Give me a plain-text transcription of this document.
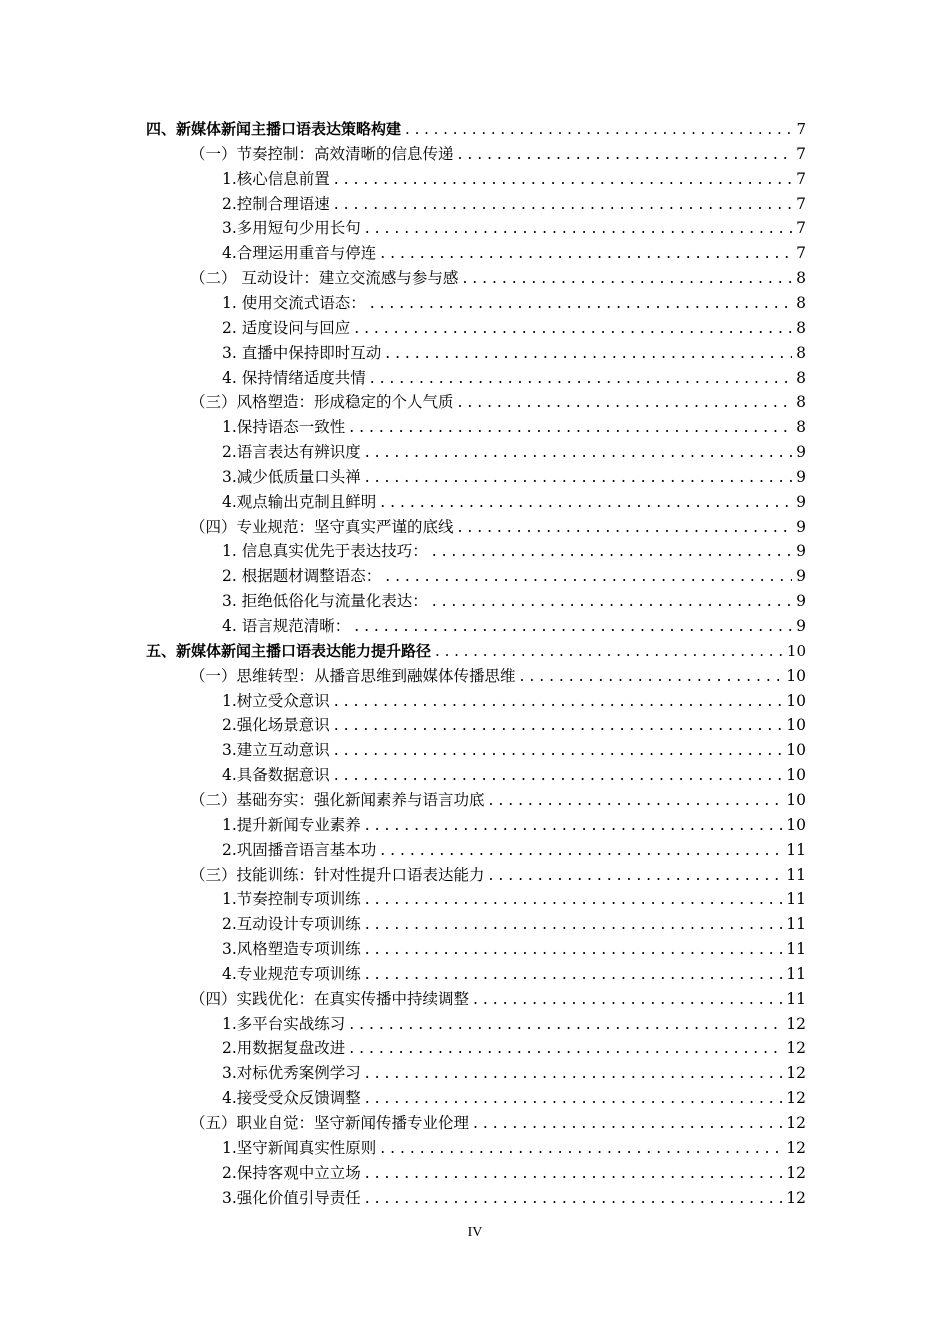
四、 新媒体新闻主播口语表达策略构建 . . .	7
（一）节奏控制：高效清晰的信息传递 . . .	7
1.核心信息前置 . . .	7
2.控制合理语速 . . .	7
3.多用短句少用长句 . . .	7
4.合理运用重音与停连 . . .	7
（二） 互动设计：建立交流感与参与感 . . .	8
1. 使用交流式语态： . . .	8
2. 适度设问与回应 . . .	8
3. 直播中保持即时互动 . . .	8
4. 保持情绪适度共情 . . .	8
（三）风格塑造：形成稳定的个人气质 . . .	8
1.保持语态一致性 . . .	8
2.语言表达有辨识度 . . .	9
3.减少低质量口头禅 . . .	9
4.观点输出克制且鲜明 . . .	9
（四）专业规范：坚守真实严谨的底线 . . .	9
1. 信息真实优先于表达技巧： . . .	9
2. 根据题材调整语态： . . .	9
3. 拒绝低俗化与流量化表达： . . .	9
4. 语言规范清晰： . . .	9
五、 新媒体新闻主播口语表达能力提升路径 . . .	10
（一）思维转型：从播音思维到融媒体传播思维 . . .	10
1.树立受众意识 . . .	10
2.强化场景意识 . . .	10
3.建立互动意识 . . .	10
4.具备数据意识 . . .	10
（二）基础夯实：强化新闻素养与语言功底 . . .	10
1.提升新闻专业素养 . . .	10
2.巩固播音语言基本功 . . .	11
（三）技能训练：针对性提升口语表达能力 . . .	11
1.节奏控制专项训练 . . .	11
2.互动设计专项训练 . . .	11
3.风格塑造专项训练 . . .	11
4.专业规范专项训练 . . .	11
（四）实践优化：在真实传播中持续调整 . . .	11
1.多平台实战练习 . . .	12
2.用数据复盘改进 . . .	12
3.对标优秀案例学习 . . .	12
4.接受受众反馈调整 . . .	12
（五）职业自觉：坚守新闻传播专业伦理 . . .	12
1.坚守新闻真实性原则 . . .	12
2.保持客观中立立场 . . .	12
3.强化价值引导责任 . . .	12
IV
